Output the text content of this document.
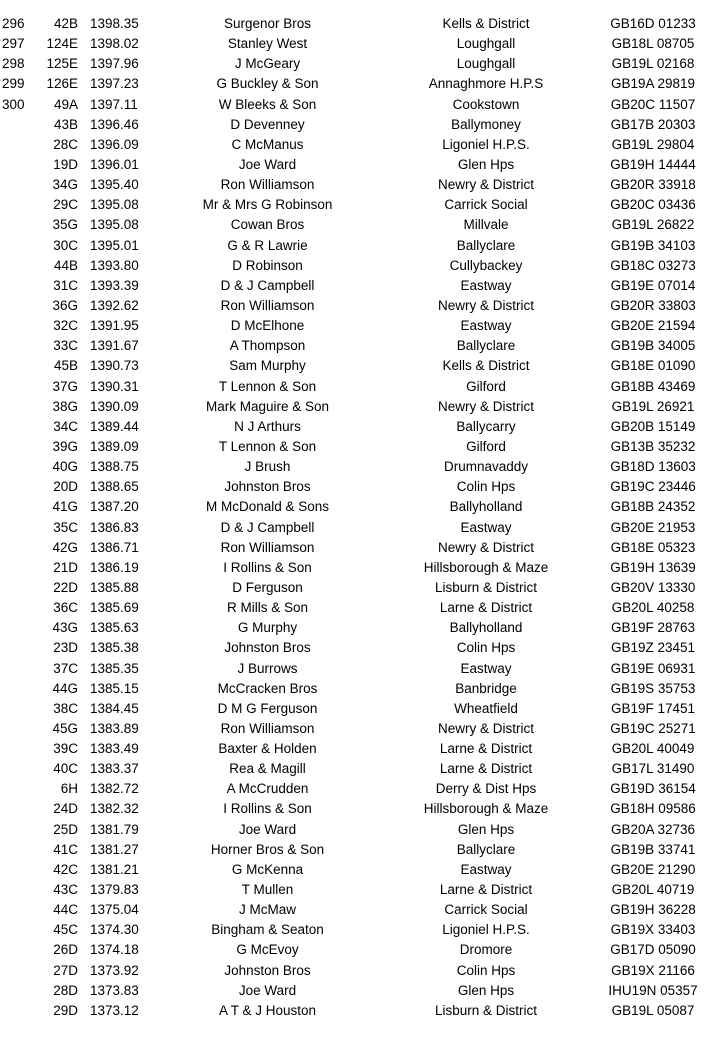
296	42B 1398.35	Surgenor Bros	Kells & District	GB16D 01233
297	124E 1398.02	Stanley West	Loughgall	GB18L 08705
298	125E 1397.96	J McGeary	Loughgall	GB19L 02168
299	126E 1397.23	G Buckley & Son	Annaghmore H.P.S	GB19A 29819
300	49A 1397.11	W Bleeks & Son	Cookstown	GB20C 11507
43B 1396.46	D Devenney	Ballymoney	GB17B 20303
28C 1396.09	C McManus	Ligoniel H.P.S.	GB19L 29804
19D 1396.01	Joe Ward	Glen Hps	GB19H 14444
34G 1395.40	Ron Williamson	Newry & District	GB20R 33918
29C 1395.08	Mr & Mrs G Robinson	Carrick Social	GB20C 03436
35G 1395.08	Cowan Bros	Millvale	GB19L 26822
30C 1395.01	G & R Lawrie	Ballyclare	GB19B 34103
44B 1393.80	D Robinson	Cullybackey	GB18C 03273
31C 1393.39	D & J Campbell	Eastway	GB19E 07014
36G 1392.62	Ron Williamson	Newry & District	GB20R 33803
32C 1391.95	D McElhone	Eastway	GB20E 21594
33C 1391.67	A Thompson	Ballyclare	GB19B 34005
45B 1390.73	Sam Murphy	Kells & District	GB18E 01090
37G 1390.31	T Lennon & Son	Gilford	GB18B 43469
38G 1390.09	Mark Maguire & Son	Newry & District	GB19L 26921
34C 1389.44	N J Arthurs	Ballycarry	GB20B 15149
39G 1389.09	T Lennon & Son	Gilford	GB13B 35232
40G 1388.75	J Brush	Drumnavaddy	GB18D 13603
20D 1388.65	Johnston Bros	Colin Hps	GB19C 23446
41G 1387.20	M McDonald & Sons	Ballyholland	GB18B 24352
35C 1386.83	D & J Campbell	Eastway	GB20E 21953
42G 1386.71	Ron Williamson	Newry & District	GB18E 05323
21D 1386.19	I Rollins & Son	Hillsborough & Maze	GB19H 13639
22D 1385.88	D Ferguson	Lisburn & District	GB20V 13330
36C 1385.69	R Mills & Son	Larne & District	GB20L 40258
43G 1385.63	G Murphy	Ballyholland	GB19F 28763
23D 1385.38	Johnston Bros	Colin Hps	GB19Z 23451
37C 1385.35	J Burrows	Eastway	GB19E 06931
44G 1385.15	McCracken Bros	Banbridge	GB19S 35753
38C 1384.45	D M G Ferguson	Wheatfield	GB19F 17451
45G 1383.89	Ron Williamson	Newry & District	GB19C 25271
39C 1383.49	Baxter & Holden	Larne & District	GB20L 40049
40C 1383.37	Rea & Magill	Larne & District	GB17L 31490
6H 1382.72	A McCrudden	Derry & Dist Hps	GB19D 36154
24D 1382.32	I Rollins & Son	Hillsborough & Maze	GB18H 09586
25D 1381.79	Joe Ward	Glen Hps	GB20A 32736
41C 1381.27	Horner Bros & Son	Ballyclare	GB19B 33741
42C 1381.21	G McKenna	Eastway	GB20E 21290
43C 1379.83	T Mullen	Larne & District	GB20L 40719
44C 1375.04	J McMaw	Carrick Social	GB19H 36228
45C 1374.30	Bingham & Seaton	Ligoniel H.P.S.	GB19X 33403
26D 1374.18	G McEvoy	Dromore	GB17D 05090
27D 1373.92	Johnston Bros	Colin Hps	GB19X 21166
28D 1373.83	Joe Ward	Glen Hps	IHU19N 05357
29D 1373.12	A T & J Houston	Lisburn & District	GB19L 05087
